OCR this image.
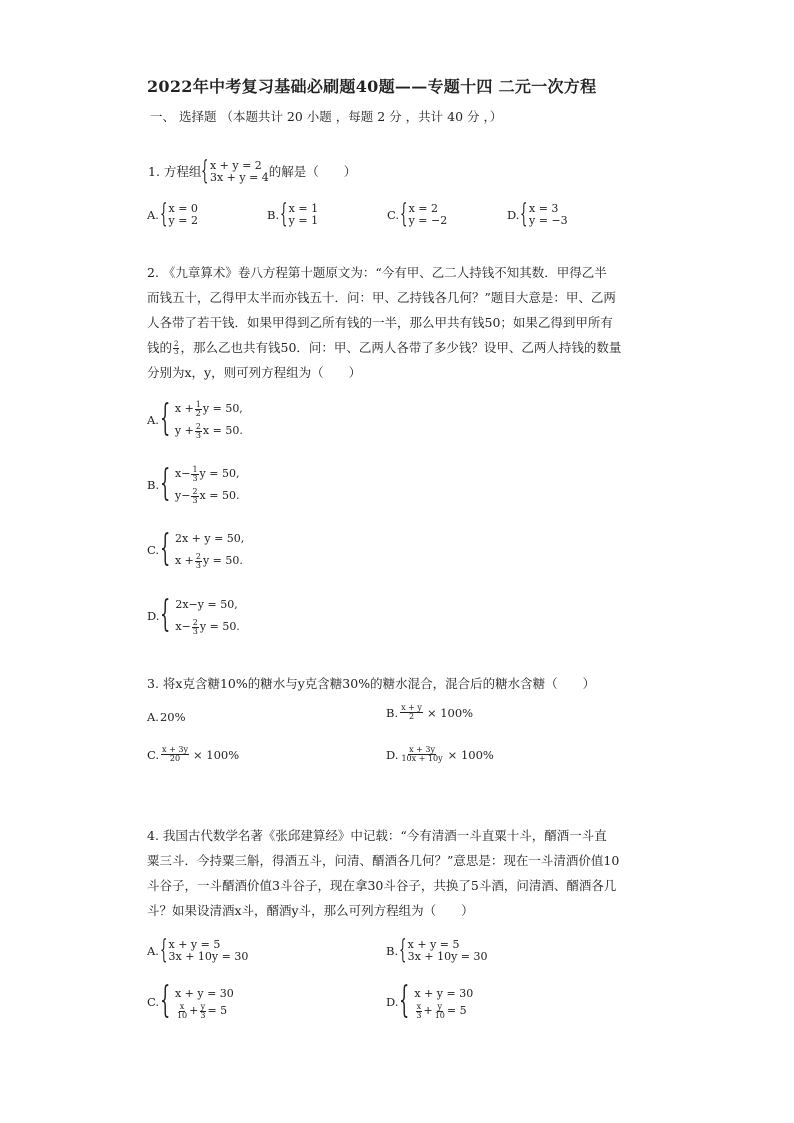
2022年中考复习基础必刷题40题——专题十四 二元一次方程
一、 选择题 （本题共计 20 小题 ，每题 2 分 ，共计 40 分 ，）
1. 方程组 { x + y = 2
3x + y = 4 的解是（　　）
A. { x = 0
y = 2	B. { x = 1
y = 1	C. { x = 2
y = −2	D. { x = 3
y = −3
2. 《九章算术》卷八方程第十题原文为：“今有甲、乙二人持钱不知其数．甲得乙半
而钱五十，乙得甲太半而亦钱五十．问：甲、乙持钱各几何？”题目大意是：甲、乙两
人各带了若干钱．如果甲得到乙所有钱的一半，那么甲共有钱50；如果乙得到甲所有
钱的 $\frac{2}{3}$ ，那么乙也共有钱50．问：甲、乙两人各带了多少钱？设甲、乙两人持钱的数量
分别为x，y，则可列方程组为（　　）
A. { $x + \frac{1}{2}$ y = 50,
$y + \frac{2}{3}$ x = 50.
B. { $x- \frac{1}{3}$ y = 50,
$y- \frac{2}{3}$ x = 50.
C. { 2x + y = 50,
$x + \frac{2}{3}$ y = 50.
D. { 2x−y = 50,
$x- \frac{2}{3}$ y = 50.
3. 将x克含糖10%的糖水与y克含糖30%的糖水混合，混合后的糖水含糖（　　）
A. 20%	B. $\frac{x + y}{2} \times 100\%$
C. $\frac{x + 3y}{20} \times 100\%$	D. $\frac{x + 3y}{10x + 10y} \times 100\%$
4. 我国古代数学名著《张邱建算经》中记载：“今有清酒一斗直粟十斗，醑酒一斗直
粟三斗．今持粟三斛，得酒五斗，问清、醑酒各几何？”意思是：现在一斗清酒价值10
斗谷子，一斗醑酒价值3斗谷子，现在拿30斗谷子，共换了5斗酒，问清酒、醑酒各几
斗？如果设清酒x斗，醑酒y斗，那么可列方程组为（　　）
A. { x + y = 5
3x + 10y = 30	B. { x + y = 5
3x + 10y = 30
C. { x + y = 30
$\frac{x}{10} + \frac{y}{3} = 5$
D. { x + y = 30
$\frac{x}{3} + \frac{y}{10} = 5$
